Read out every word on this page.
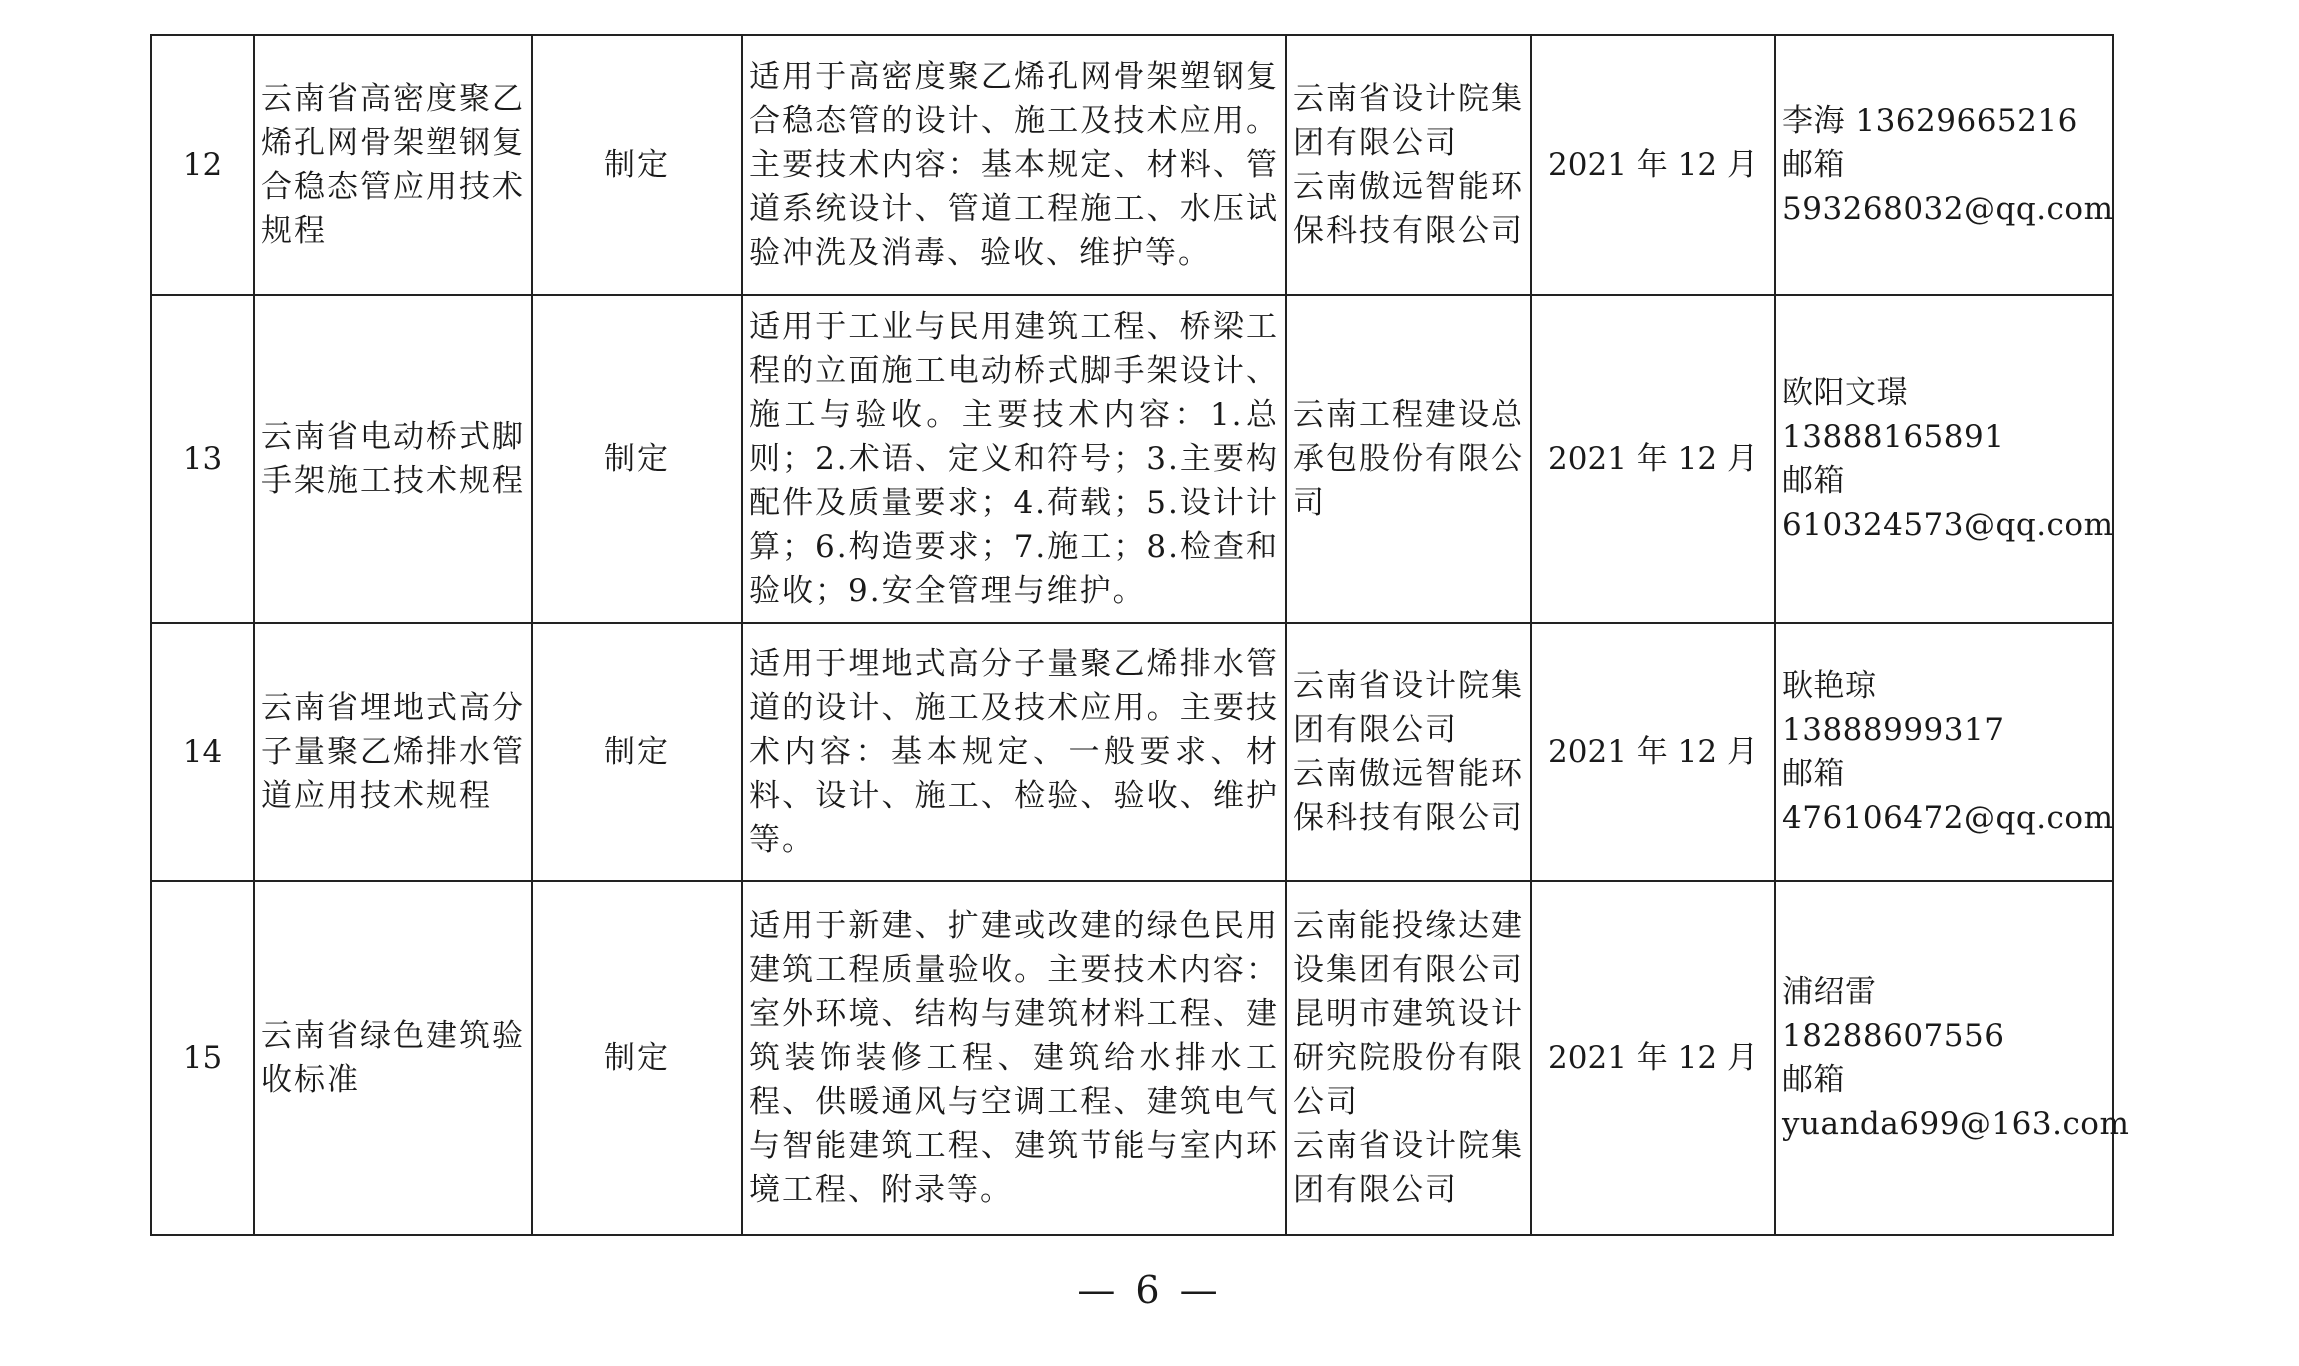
12	云南省高密度聚乙烯孔网骨架塑钢复合稳态管应用技术规程	制定	适用于高密度聚乙烯孔网骨架塑钢复合稳态管的设计、施工及技术应用。主要技术内容：基本规定、材料、管道系统设计、管道工程施工、水压试验冲洗及消毒、验收、维护等。	云南省设计院集团有限公司
云南傲远智能环保科技有限公司	2021 年 12 月	李海 13629665216
邮箱
593268032@qq.com

13	云南省电动桥式脚手架施工技术规程	制定	适用于工业与民用建筑工程、桥梁工程的立面施工电动桥式脚手架设计、施工与验收。主要技术内容：1.总则；2.术语、定义和符号；3.主要构配件及质量要求；4.荷载；5.设计计算；6.构造要求；7.施工；8.检查和验收；9.安全管理与维护。	云南工程建设总承包股份有限公司	2021 年 12 月	欧阳文璟
13888165891
邮箱
610324573@qq.com

14	云南省埋地式高分子量聚乙烯排水管道应用技术规程	制定	适用于埋地式高分子量聚乙烯排水管道的设计、施工及技术应用。主要技术内容：基本规定、一般要求、材料、设计、施工、检验、验收、维护等。	云南省设计院集团有限公司
云南傲远智能环保科技有限公司	2021 年 12 月	耿艳琼 13888999317
邮箱
476106472@qq.com

15	云南省绿色建筑验收标准	制定	适用于新建、扩建或改建的绿色民用建筑工程质量验收。主要技术内容：室外环境、结构与建筑材料工程、建筑装饰装修工程、建筑给水排水工程、供暖通风与空调工程、建筑电气与智能建筑工程、建筑节能与室内环境工程、附录等。	云南能投缘达建设集团有限公司
昆明市建筑设计研究院股份有限公司
云南省设计院集团有限公司	2021 年 12 月	浦绍雷 18288607556
邮箱
yuanda699@163.com
— 6 —
